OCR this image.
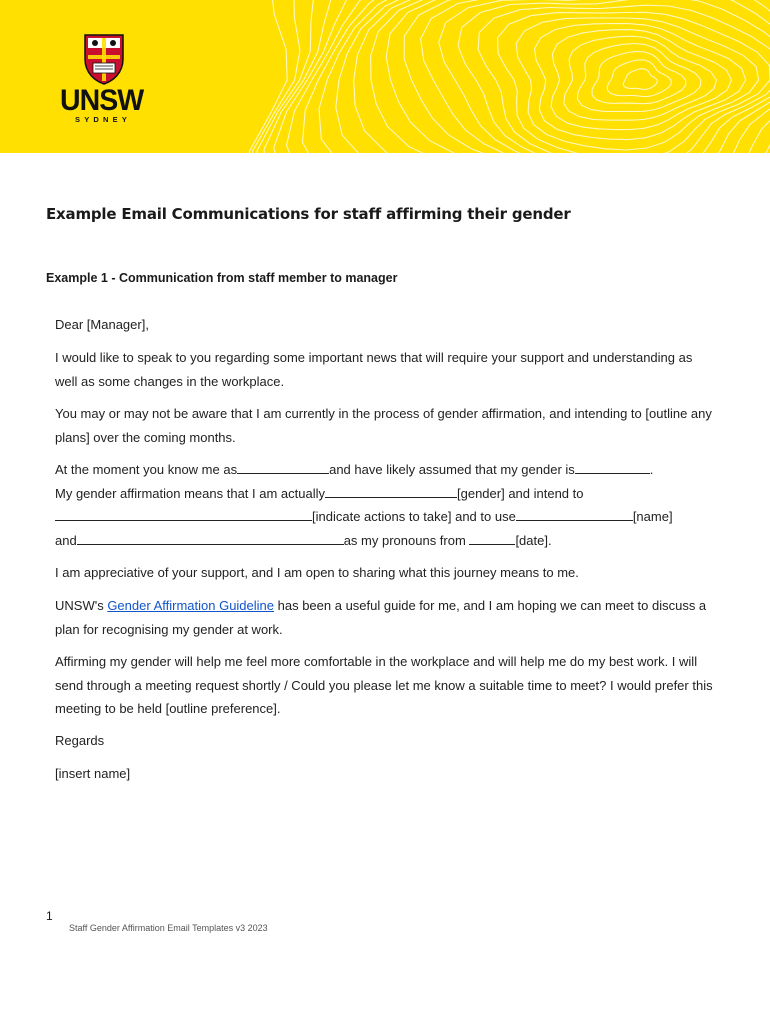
UNSW
SYDNEY
Example Email Communications for staff affirming their gender
Example 1 - Communication from staff member to manager

Dear [Manager],

I would like to speak to you regarding some important news that will require your support and understanding as well as some changes in the workplace.

You may or may not be aware that I am currently in the process of gender affirmation, and intending to [outline any plans] over the coming months.

At the moment you know me as	and have likely assumed that my gender is	.
My gender affirmation means that I am actually	[gender] and intend to
[indicate actions to take] and to use	[name]
and	as my pronouns from	[date].

I am appreciative of your support, and I am open to sharing what this journey means to me.

UNSW's Gender Affirmation Guideline has been a useful guide for me, and I am hoping we can meet to discuss a plan for recognising my gender at work.

Affirming my gender will help me feel more comfortable in the workplace and will help me do my best work. I will send through a meeting request shortly / Could you please let me know a suitable time to meet? I would prefer this meeting to be held [outline preference].

Regards

[insert name]

1
Staff Gender Affirmation Email Templates v3 2023
